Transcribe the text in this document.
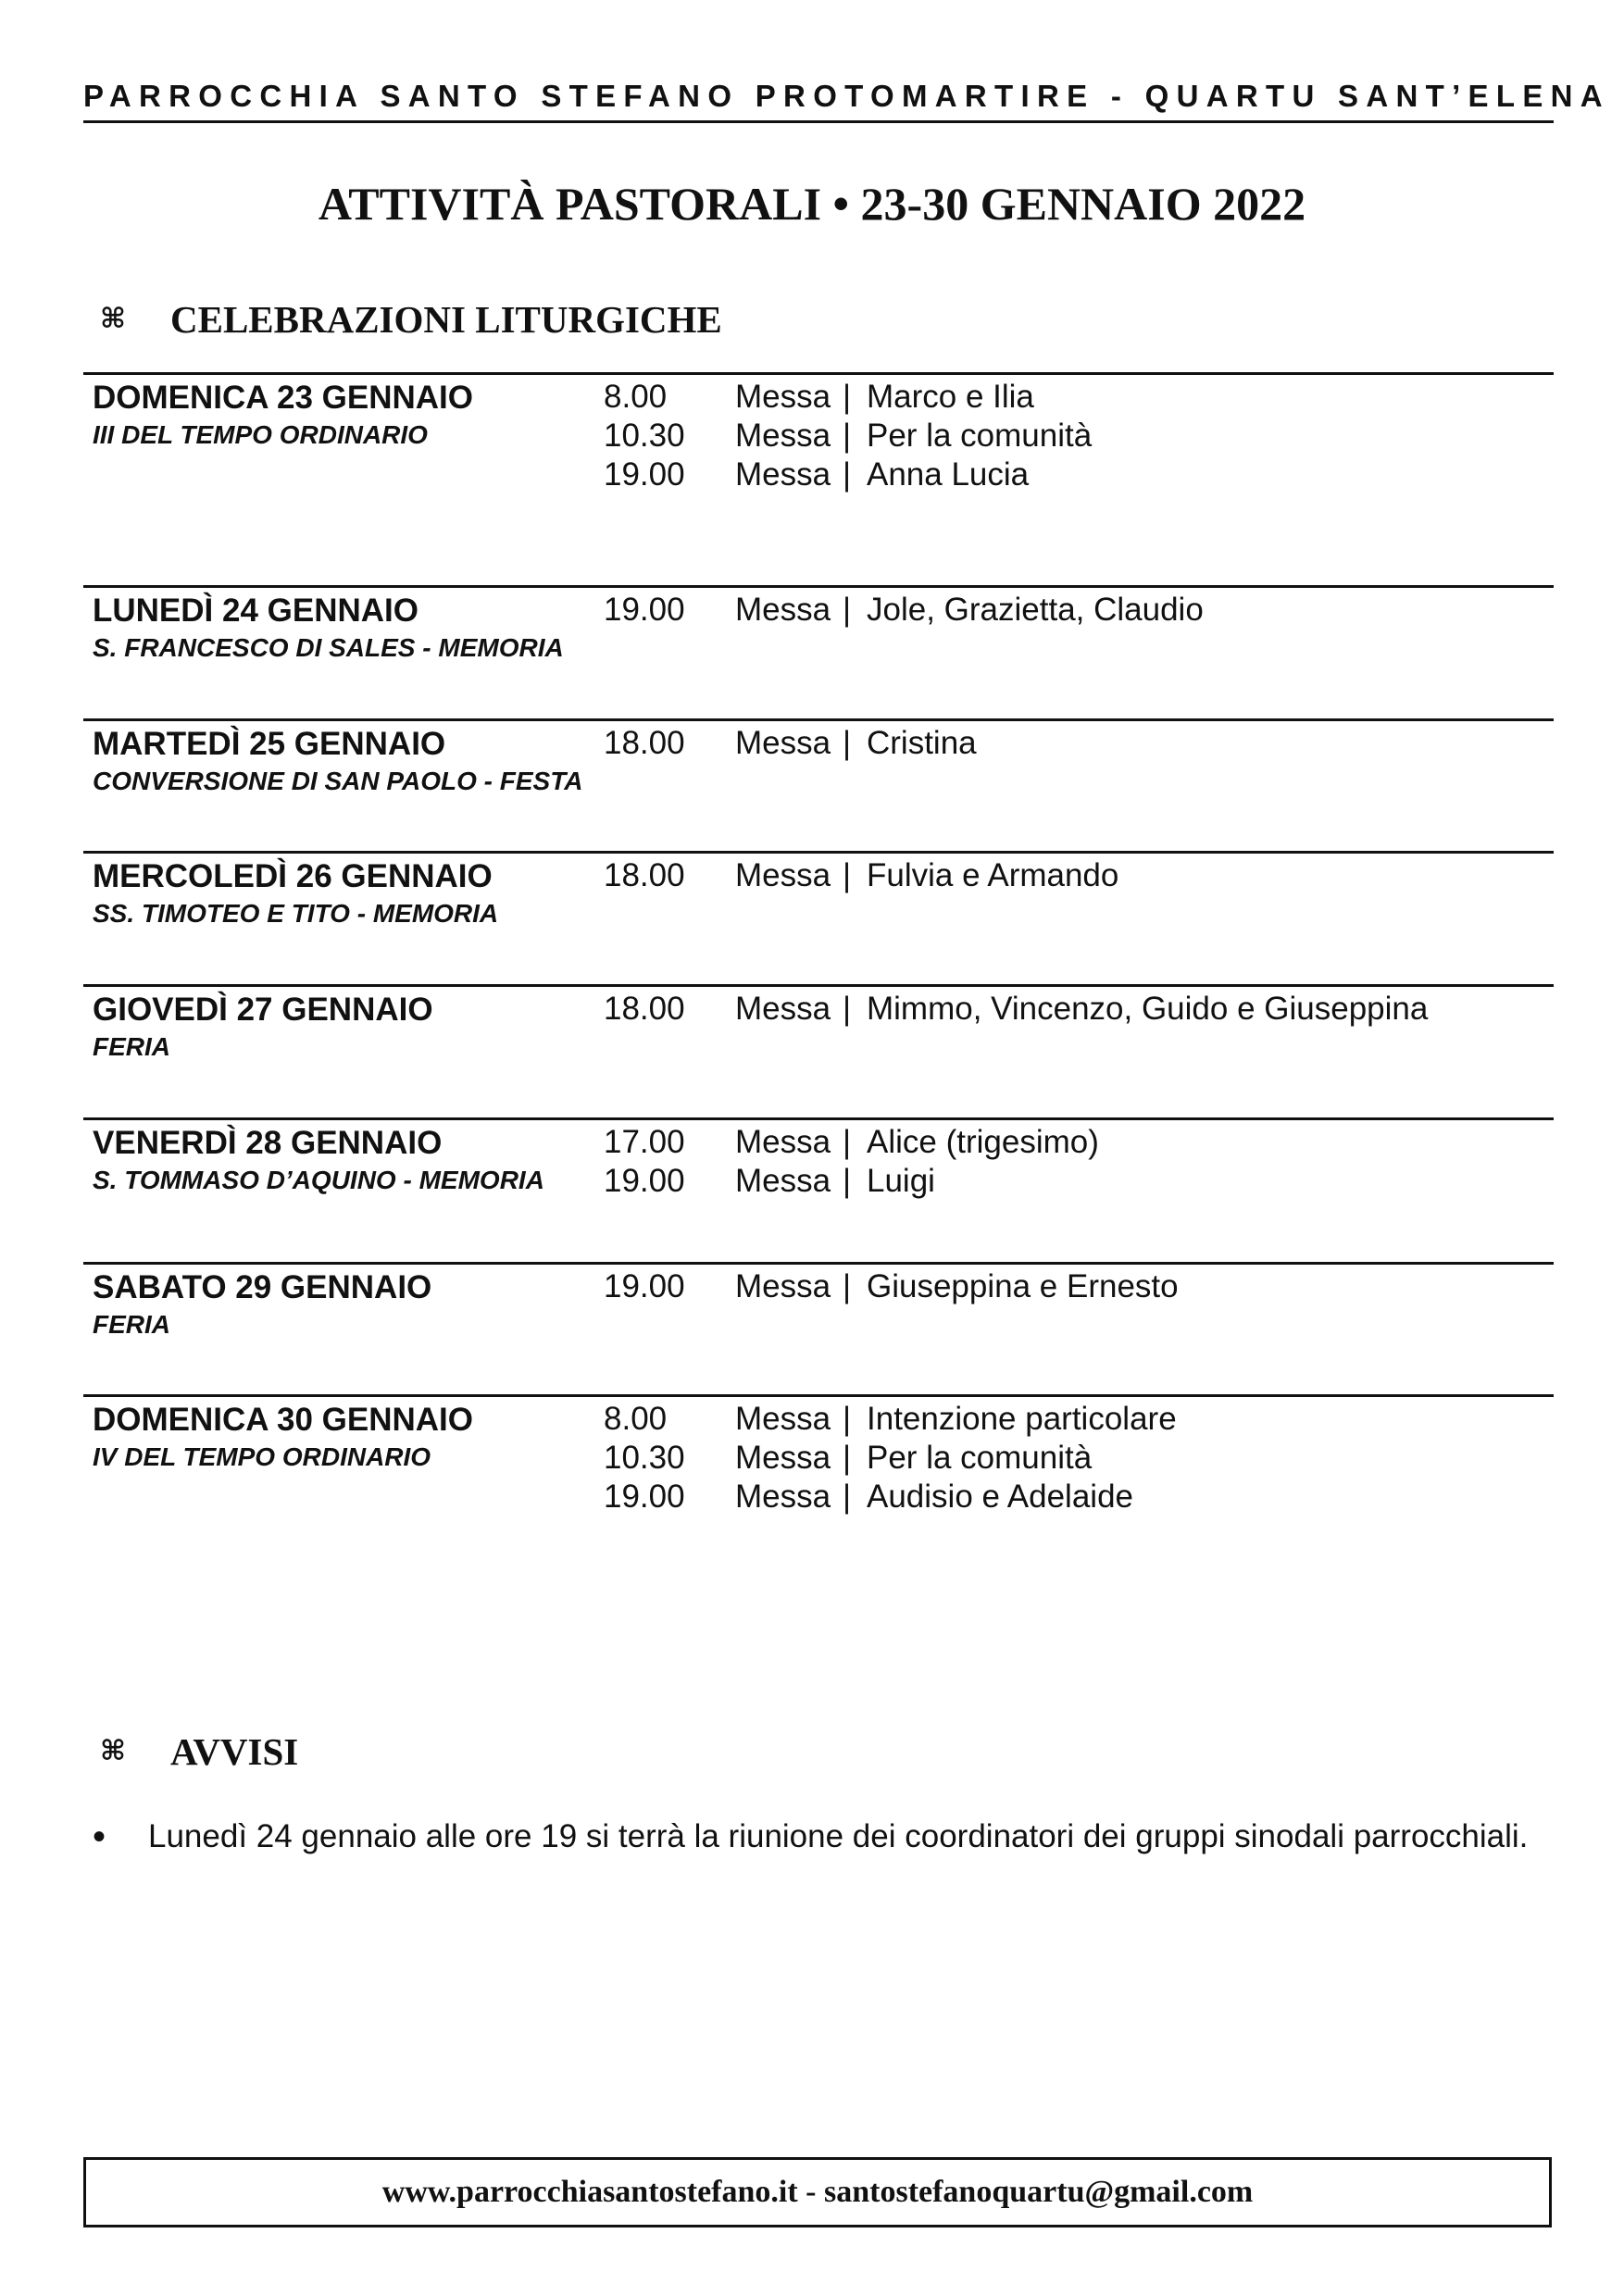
PARROCCHIA SANTO STEFANO PROTOMARTIRE - QUARTU SANT’ELENA
ATTIVITÀ PASTORALI • 23-30 GENNAIO 2022
⌘ CELEBRAZIONI LITURGICHE
DOMENICA 23 GENNAIO
III DEL TEMPO ORDINARIO
8.00 Messa | Marco e Ilia
10.30 Messa | Per la comunità
19.00 Messa | Anna Lucia
LUNEDÌ 24 GENNAIO
S. FRANCESCO DI SALES - MEMORIA
19.00 Messa | Jole, Grazietta, Claudio
MARTEDÌ 25 GENNAIO
CONVERSIONE DI SAN PAOLO - FESTA
18.00 Messa | Cristina
MERCOLEDÌ 26 GENNAIO
SS. TIMOTEO E TITO - MEMORIA
18.00 Messa | Fulvia e Armando
GIOVEDÌ 27 GENNAIO
FERIA
18.00 Messa | Mimmo, Vincenzo, Guido e Giuseppina
VENERDÌ 28 GENNAIO
S. TOMMASO D’AQUINO - MEMORIA
17.00 Messa | Alice (trigesimo)
19.00 Messa | Luigi
SABATO 29 GENNAIO
FERIA
19.00 Messa | Giuseppina e Ernesto
DOMENICA 30 GENNAIO
IV DEL TEMPO ORDINARIO
8.00 Messa | Intenzione particolare
10.30 Messa | Per la comunità
19.00 Messa | Audisio e Adelaide
⌘ AVVISI
• Lunedì 24 gennaio alle ore 19 si terrà la riunione dei coordinatori dei gruppi sinodali parrocchiali.
www.parrocchiasantostefano.it - santostefanoquartu@gmail.com
